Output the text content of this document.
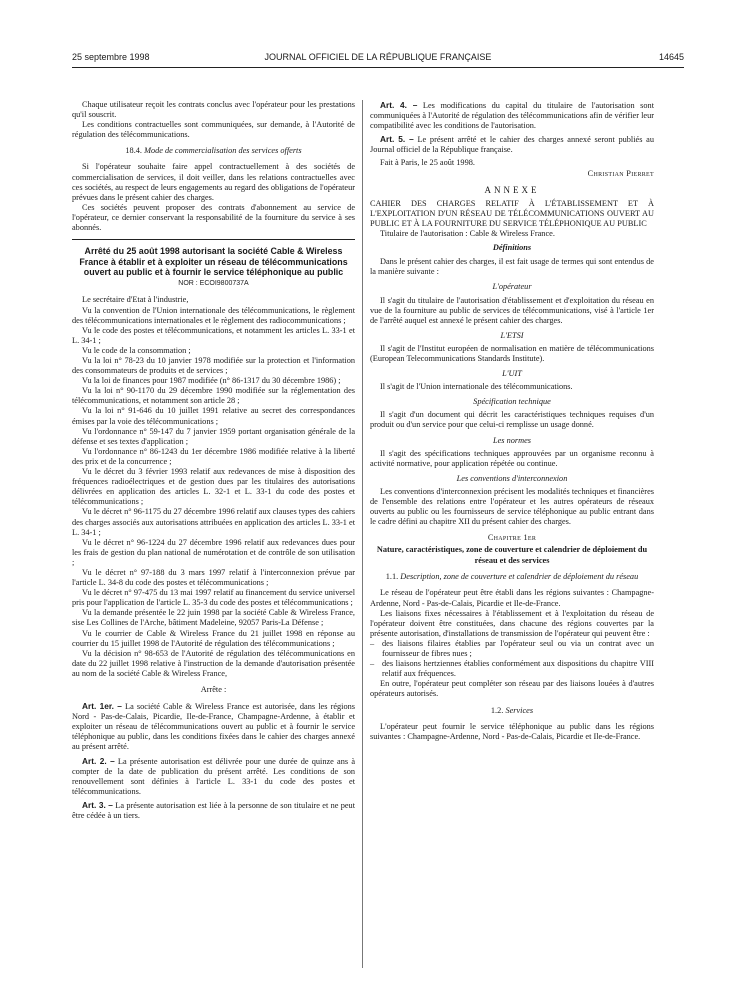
25 septembre 1998	JOURNAL OFFICIEL DE LA RÉPUBLIQUE FRANÇAISE	14645

Chaque utilisateur reçoit les contrats conclus avec l'opérateur pour les prestations qu'il souscrit.

Les conditions contractuelles sont communiquées, sur demande, à l'Autorité de régulation des télécommunications.

18.4. Mode de commercialisation des services offerts

Si l'opérateur souhaite faire appel contractuellement à des sociétés de commercialisation de services, il doit veiller, dans les relations contractuelles avec ces sociétés, au respect de leurs engagements au regard des obligations de l'opérateur prévues dans le présent cahier des charges.

Ces sociétés peuvent proposer des contrats d'abonnement au service de l'opérateur, ce dernier conservant la responsabilité de la fourniture du service à ses abonnés.

Arrêté du 25 août 1998 autorisant la société Cable & Wireless France à établir et à exploiter un réseau de télécommunications ouvert au public et à fournir le service téléphonique au public
NOR : ECOI9800737A

Le secrétaire d'Etat à l'industrie,

Vu la convention de l'Union internationale des télécommunications, le règlement des télécommunications internationales et le règlement des radiocommunications ;

Vu le code des postes et télécommunications, et notamment les articles L. 33-1 et L. 34-1 ;

Vu le code de la consommation ;

Vu la loi n° 78-23 du 10 janvier 1978 modifiée sur la protection et l'information des consommateurs de produits et de services ;

Vu la loi de finances pour 1987 modifiée (n° 86-1317 du 30 décembre 1986) ;

Vu la loi n° 90-1170 du 29 décembre 1990 modifiée sur la réglementation des télécommunications, et notamment son article 28 ;

Vu la loi n° 91-646 du 10 juillet 1991 relative au secret des correspondances émises par la voie des télécommunications ;

Vu l'ordonnance n° 59-147 du 7 janvier 1959 portant organisation générale de la défense et ses textes d'application ;

Vu l'ordonnance n° 86-1243 du 1er décembre 1986 modifiée relative à la liberté des prix et de la concurrence ;

Vu le décret du 3 février 1993 relatif aux redevances de mise à disposition des fréquences radioélectriques et de gestion dues par les titulaires des autorisations délivrées en application des articles L. 32-1 et L. 33-1 du code des postes et télécommunications ;

Vu le décret n° 96-1175 du 27 décembre 1996 relatif aux clauses types des cahiers des charges associés aux autorisations attribuées en application des articles L. 33-1 et L. 34-1 ;

Vu le décret n° 96-1224 du 27 décembre 1996 relatif aux redevances dues pour les frais de gestion du plan national de numérotation et de contrôle de son utilisation ;

Vu le décret n° 97-188 du 3 mars 1997 relatif à l'interconnexion prévue par l'article L. 34-8 du code des postes et télécommunications ;

Vu le décret n° 97-475 du 13 mai 1997 relatif au financement du service universel pris pour l'application de l'article L. 35-3 du code des postes et télécommunications ;

Vu la demande présentée le 22 juin 1998 par la société Cable & Wireless France, sise Les Collines de l'Arche, bâtiment Madeleine, 92057 Paris-La Défense ;

Vu le courrier de Cable & Wireless France du 21 juillet 1998 en réponse au courrier du 15 juillet 1998 de l'Autorité de régulation des télécommunications ;

Vu la décision n° 98-653 de l'Autorité de régulation des télécommunications en date du 22 juillet 1998 relative à l'instruction de la demande d'autorisation présentée au nom de la société Cable & Wireless France,

Arrête :

Art. 1er. – La société Cable & Wireless France est autorisée, dans les régions Nord - Pas-de-Calais, Picardie, Ile-de-France, Champagne-Ardenne, à établir et exploiter un réseau de télécommunications ouvert au public et à fournir le service téléphonique au public, dans les conditions fixées dans le cahier des charges annexé au présent arrêté.

Art. 2. – La présente autorisation est délivrée pour une durée de quinze ans à compter de la date de publication du présent arrêté. Les conditions de son renouvellement sont définies à l'article L. 33-1 du code des postes et télécommunications.

Art. 3. – La présente autorisation est liée à la personne de son titulaire et ne peut être cédée à un tiers.

Art. 4. – Les modifications du capital du titulaire de l'autorisation sont communiquées à l'Autorité de régulation des télécommunications afin de vérifier leur compatibilité avec les conditions de l'autorisation.

Art. 5. – Le présent arrêté et le cahier des charges annexé seront publiés au Journal officiel de la République française.

Fait à Paris, le 25 août 1998.

Christian Pierret

ANNEXE

CAHIER DES CHARGES RELATIF À L'ÉTABLISSEMENT ET À L'EXPLOITATION D'UN RÉSEAU DE TÉLÉCOMMUNICATIONS OUVERT AU PUBLIC ET À LA FOURNITURE DU SERVICE TÉLÉPHONIQUE AU PUBLIC

Titulaire de l'autorisation : Cable & Wireless France.

Définitions

Dans le présent cahier des charges, il est fait usage de termes qui sont entendus de la manière suivante :

L'opérateur

Il s'agit du titulaire de l'autorisation d'établissement et d'exploitation du réseau en vue de la fourniture au public de services de télécommunications, visé à l'article 1er de l'arrêté auquel est annexé le présent cahier des charges.

L'ETSI

Il s'agit de l'Institut européen de normalisation en matière de télécommunications (European Telecommunications Standards Institute).

L'UIT

Il s'agit de l'Union internationale des télécommunications.

Spécification technique

Il s'agit d'un document qui décrit les caractéristiques techniques requises d'un produit ou d'un service pour que celui-ci remplisse un usage donné.

Les normes

Il s'agit des spécifications techniques approuvées par un organisme reconnu à activité normative, pour application répétée ou continue.

Les conventions d'interconnexion

Les conventions d'interconnexion précisent les modalités techniques et financières de l'ensemble des relations entre l'opérateur et les autres opérateurs de réseaux ouverts au public ou les fournisseurs de service téléphonique au public entrant dans le cadre défini au chapitre XII du présent cahier des charges.

Chapitre 1er

Nature, caractéristiques, zone de couverture et calendrier de déploiement du réseau et des services

1.1. Description, zone de couverture et calendrier de déploiement du réseau

Le réseau de l'opérateur peut être établi dans les régions suivantes : Champagne-Ardenne, Nord - Pas-de-Calais, Picardie et Ile-de-France.

Les liaisons fixes nécessaires à l'établissement et à l'exploitation du réseau de l'opérateur doivent être constituées, dans chacune des régions couvertes par la présente autorisation, d'installations de transmission de l'opérateur qui peuvent être :

– des liaisons filaires établies par l'opérateur seul ou via un contrat avec un fournisseur de fibres nues ;

– des liaisons hertziennes établies conformément aux dispositions du chapitre VIII relatif aux fréquences.

En outre, l'opérateur peut compléter son réseau par des liaisons louées à d'autres opérateurs autorisés.

1.2. Services

L'opérateur peut fournir le service téléphonique au public dans les régions suivantes : Champagne-Ardenne, Nord - Pas-de-Calais, Picardie et Ile-de-France.
